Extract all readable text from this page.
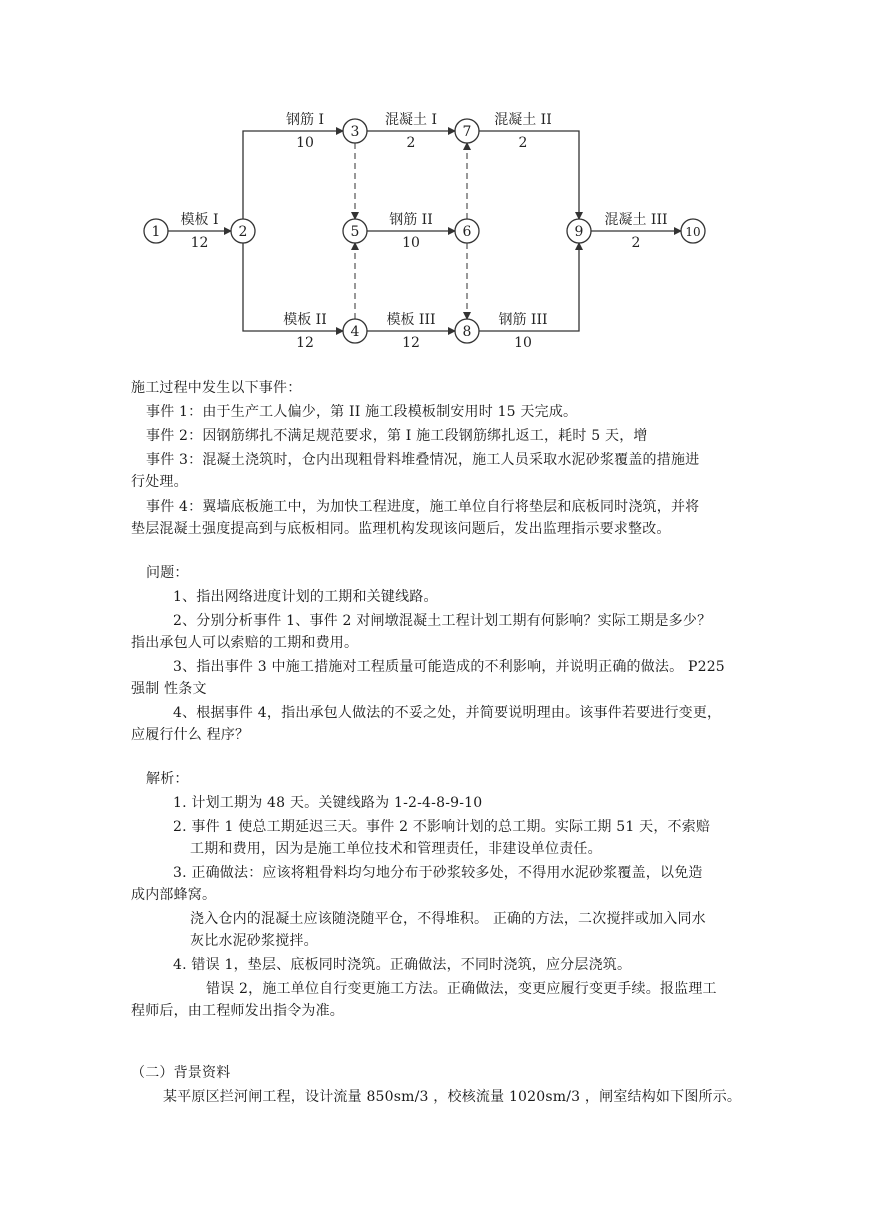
1	2
3
4
5	6
7
8
9	10
模板 I
12
钢筋 I
10
混凝土 I
2
混凝土 II
2
钢筋 II
10
混凝土 III
2
模板 II
12
模板 III
12
钢筋 III
10
施工过程中发生以下事件：
事件 1：由于生产工人偏少，第 II 施工段模板制安用时 15 天完成。
事件 2：因钢筋绑扎不满足规范要求，第 I 施工段钢筋绑扎返工，耗时 5 天，增
事件 3：混凝土浇筑时，仓内出现粗骨料堆叠情况，施工人员采取水泥砂浆覆盖的措施进
行处理。
事件 4：翼墙底板施工中，为加快工程进度，施工单位自行将垫层和底板同时浇筑，并将
垫层混凝土强度提高到与底板相同。监理机构发现该问题后，发出监理指示要求整改。
问题：
1、指出网络进度计划的工期和关键线路。
2、分别分析事件 1、事件 2 对闸墩混凝土工程计划工期有何影响？实际工期是多少？
指出承包人可以索赔的工期和费用。
3、指出事件 3 中施工措施对工程质量可能造成的不利影响，并说明正确的做法。 P225
强制 性条文
4、根据事件 4，指出承包人做法的不妥之处，并简要说明理由。该事件若要进行变更，
应履行什么 程序？
解析：
1. 计划工期为 48 天。关键线路为 1-2-4-8-9-10
2. 事件 1 使总工期延迟三天。事件 2 不影响计划的总工期。实际工期 51 天，不索赔
工期和费用，因为是施工单位技术和管理责任，非建设单位责任。
3. 正确做法：应该将粗骨料均匀地分布于砂浆较多处，不得用水泥砂浆覆盖，以免造
成内部蜂窝。
浇入仓内的混凝土应该随浇随平仓，不得堆积。 正确的方法，二次搅拌或加入同水
灰比水泥砂浆搅拌。
4. 错误 1，垫层、底板同时浇筑。正确做法，不同时浇筑，应分层浇筑。
错误 2，施工单位自行变更施工方法。正确做法，变更应履行变更手续。报监理工
程师后，由工程师发出指令为准。
（二）背景资料
某平原区拦河闸工程，设计流量 850sm/3 ，校核流量 1020sm/3 ，闸室结构如下图所示。
